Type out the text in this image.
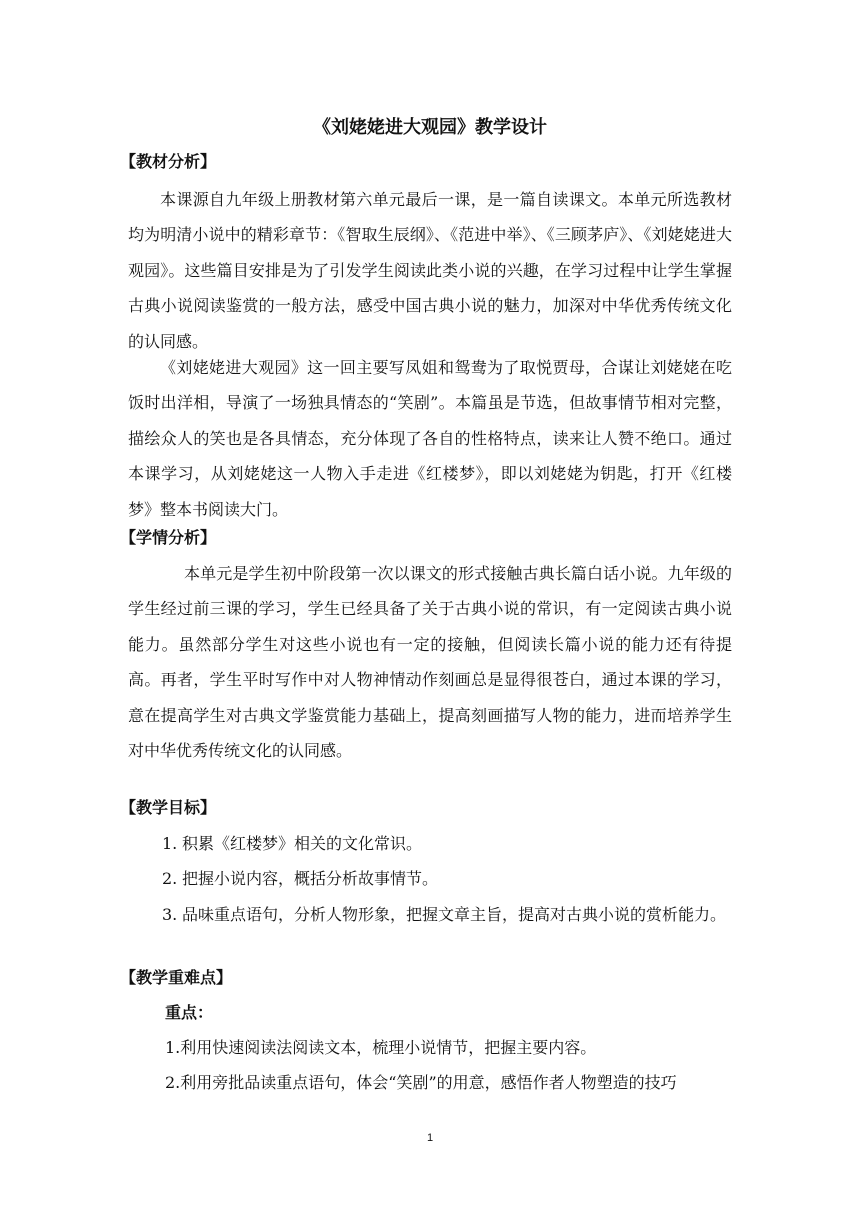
《刘姥姥进大观园》教学设计
【教材分析】
本课源自九年级上册教材第六单元最后一课，是一篇自读课文。本单元所选教材均为明清小说中的精彩章节：《智取生辰纲》、《范进中举》、《三顾茅庐》、《刘姥姥进大观园》。这些篇目安排是为了引发学生阅读此类小说的兴趣，在学习过程中让学生掌握古典小说阅读鉴赏的一般方法，感受中国古典小说的魅力，加深对中华优秀传统文化的认同感。
《刘姥姥进大观园》这一回主要写凤姐和鸳鸯为了取悦贾母，合谋让刘姥姥在吃饭时出洋相，导演了一场独具情态的“笑剧”。本篇虽是节选，但故事情节相对完整，描绘众人的笑也是各具情态，充分体现了各自的性格特点，读来让人赞不绝口。通过本课学习，从刘姥姥这一人物入手走进《红楼梦》，即以刘姥姥为钥匙，打开《红楼梦》整本书阅读大门。
【学情分析】
本单元是学生初中阶段第一次以课文的形式接触古典长篇白话小说。九年级的学生经过前三课的学习，学生已经具备了关于古典小说的常识，有一定阅读古典小说能力。虽然部分学生对这些小说也有一定的接触，但阅读长篇小说的能力还有待提高。再者，学生平时写作中对人物神情动作刻画总是显得很苍白，通过本课的学习，意在提高学生对古典文学鉴赏能力基础上，提高刻画描写人物的能力，进而培养学生对中华优秀传统文化的认同感。
【教学目标】
1. 积累《红楼梦》相关的文化常识。
2. 把握小说内容，概括分析故事情节。
3. 品味重点语句，分析人物形象，把握文章主旨，提高对古典小说的赏析能力。
【教学重难点】
重点：
1.利用快速阅读法阅读文本，梳理小说情节，把握主要内容。
2.利用旁批品读重点语句，体会“笑剧”的用意，感悟作者人物塑造的技巧
1
